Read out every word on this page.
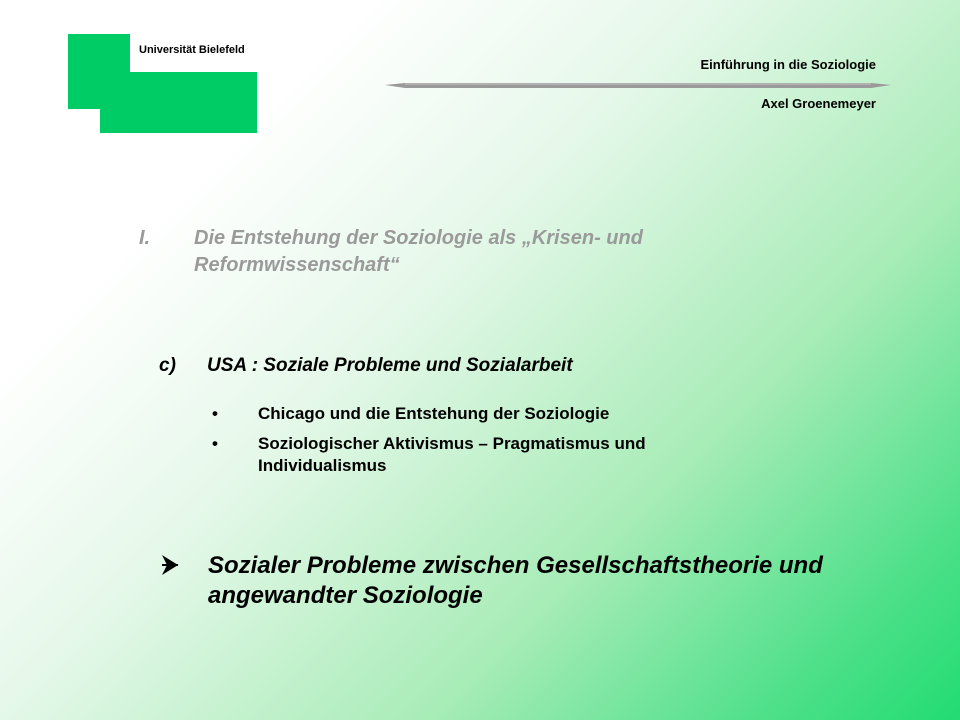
Universität Bielefeld
Einführung in die Soziologie
Axel Groenemeyer
I. Die Entstehung der Soziologie als „Krisen- und Reformwissenschaft“
c) USA : Soziale Probleme und Sozialarbeit
• Chicago und die Entstehung der Soziologie
• Soziologischer Aktivismus – Pragmatismus und Individualismus
Sozialer Probleme zwischen Gesellschaftstheorie und angewandter Soziologie
